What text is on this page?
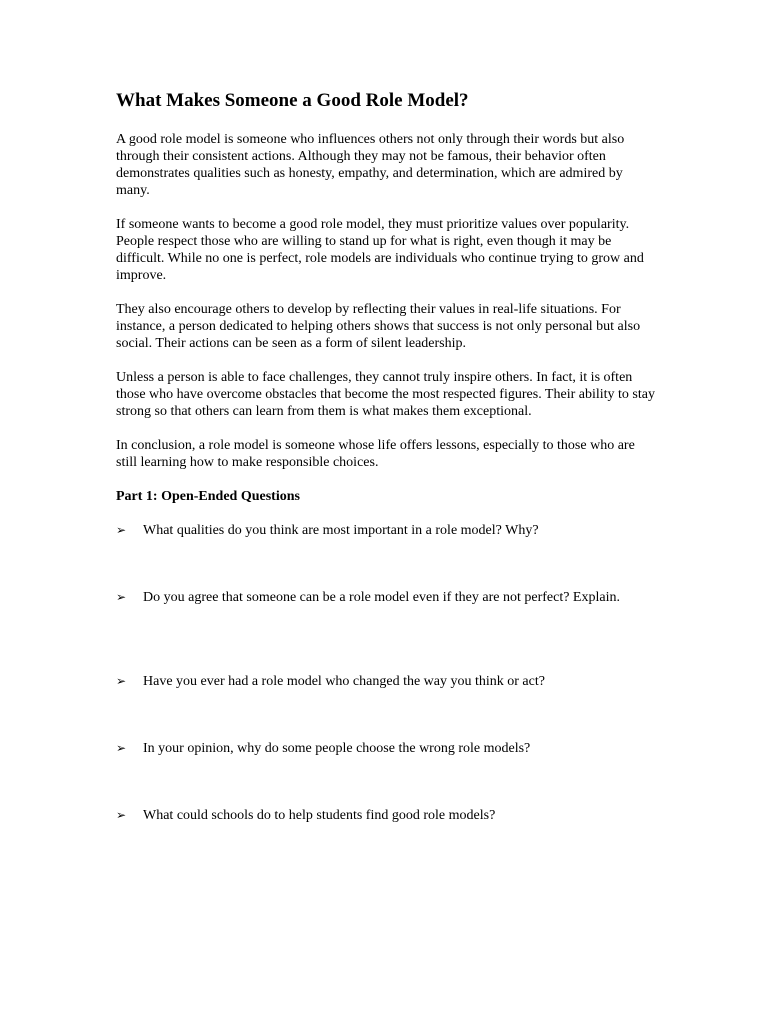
What Makes Someone a Good Role Model?

A good role model is someone who influences others not only through their words but also through their consistent actions. Although they may not be famous, their behavior often demonstrates qualities such as honesty, empathy, and determination, which are admired by many.

If someone wants to become a good role model, they must prioritize values over popularity. People respect those who are willing to stand up for what is right, even though it may be difficult. While no one is perfect, role models are individuals who continue trying to grow and improve.

They also encourage others to develop by reflecting their values in real-life situations. For instance, a person dedicated to helping others shows that success is not only personal but also social. Their actions can be seen as a form of silent leadership.

Unless a person is able to face challenges, they cannot truly inspire others. In fact, it is often those who have overcome obstacles that become the most respected figures. Their ability to stay strong so that others can learn from them is what makes them exceptional.

In conclusion, a role model is someone whose life offers lessons, especially to those who are still learning how to make responsible choices.

Part 1: Open-Ended Questions
➢ What qualities do you think are most important in a role model? Why?
➢ Do you agree that someone can be a role model even if they are not perfect? Explain.
➢ Have you ever had a role model who changed the way you think or act?
➢ In your opinion, why do some people choose the wrong role models?
➢ What could schools do to help students find good role models?
